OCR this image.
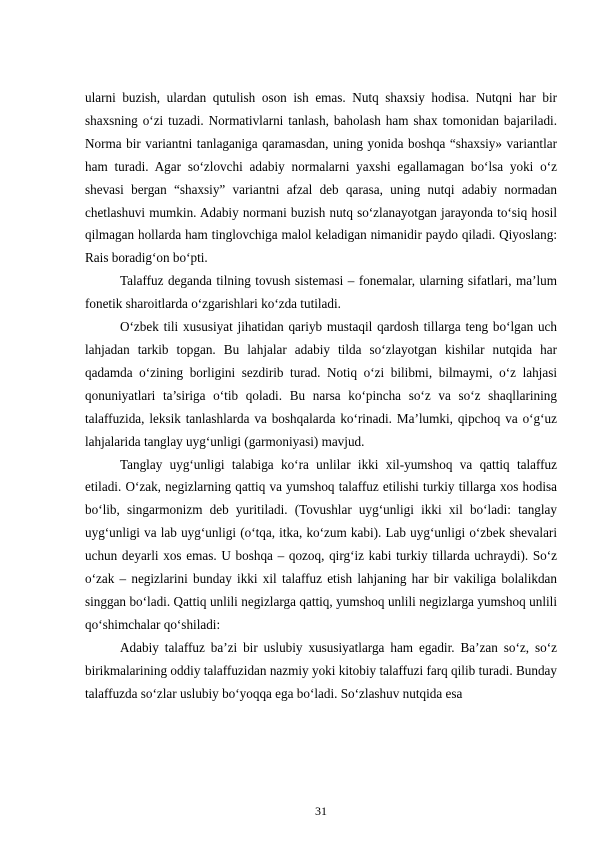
ularni buzish, ulardan qutulish oson ish emas. Nutq shaxsiy hodisa. Nutqni har bir shaxsning o‘zi tuzadi. Normativlarni tanlash, baholash ham shax tomonidan bajariladi. Norma bir variantni tanlaganiga qaramasdan, uning yonida boshqa “shaxsiy» variantlar ham turadi. Agar so‘zlovchi adabiy normalarni yaxshi egallamagan bo‘lsa yoki o‘z shevasi bergan “shaxsiy” variantni afzal deb qarasa, uning nutqi adabiy normadan chetlashuvi mumkin. Adabiy normani buzish nutq so‘zlanayotgan jarayonda to‘siq hosil qilmagan hollarda ham tinglovchiga malol keladigan nimanidir paydo qiladi. Qiyoslang: Rais boradig‘on bo‘pti.

Talaffuz deganda tilning tovush sistemasi – fonemalar, ularning sifatlari, ma’lum fonetik sharoitlarda o‘zgarishlari ko‘zda tutiladi.

O‘zbek tili xususiyat jihatidan qariyb mustaqil qardosh tillarga teng bo‘lgan uch lahjadan tarkib topgan. Bu lahjalar adabiy tilda so‘zlayotgan kishilar nutqida har qadamda o‘zining borligini sezdirib turad. Notiq o‘zi bilibmi, bilmaymi, o‘z lahjasi qonuniyatlari ta’siriga o‘tib qoladi. Bu narsa ko‘pincha so‘z va so‘z shaqllarining talaffuzida, leksik tanlashlarda va boshqalarda ko‘rinadi. Ma’lumki, qipchoq va o‘g‘uz lahjalarida tanglay uyg‘unligi (garmoniyasi) mavjud.

Tanglay uyg‘unligi talabiga ko‘ra unlilar ikki xil-yumshoq va qattiq talaffuz etiladi. O‘zak, negizlarning qattiq va yumshoq talaffuz etilishi turkiy tillarga xos hodisa bo‘lib, singarmonizm deb yuritiladi. (Tovushlar uyg‘unligi ikki xil bo‘ladi: tanglay uyg‘unligi va lab uyg‘unligi (o‘tqa, itka, ko‘zum kabi). Lab uyg‘unligi o‘zbek shevalari uchun deyarli xos emas. U boshqa – qozoq, qirg‘iz kabi turkiy tillarda uchraydi). So‘z o‘zak – negizlarini bunday ikki xil talaffuz etish lahjaning har bir vakiliga bolalikdan singgan bo‘ladi. Qattiq unlili negizlarga qattiq, yumshoq unlili negizlarga yumshoq unlili qo‘shimchalar qo‘shiladi:

Adabiy talaffuz ba’zi bir uslubiy xususiyatlarga ham egadir. Ba’zan so‘z, so‘z birikmalarining oddiy talaffuzidan nazmiy yoki kitobiy talaffuzi farq qilib turadi. Bunday talaffuzda so‘zlar uslubiy bo‘yoqqa ega bo‘ladi. So‘zlashuv nutqida esa

31
